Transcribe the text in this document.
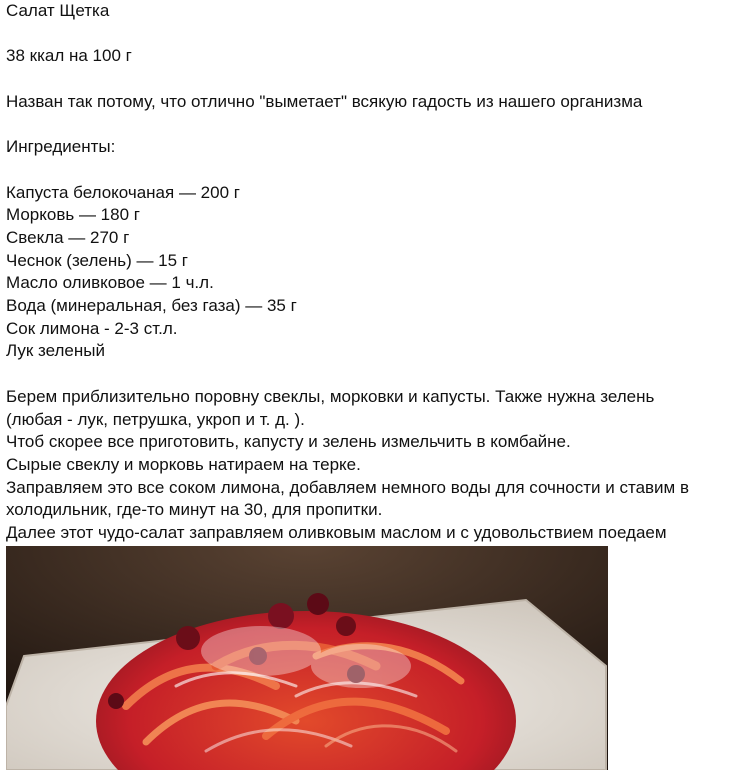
Салат Щетка
38 ккал на 100 г
Назван так потому, что отлично "выметает" всякую гадость из нашего организма
Ингредиенты:
Капуста белокочаная — 200 г
Морковь — 180 г
Свекла — 270 г
Чеснок (зелень) — 15 г
Масло оливковое — 1 ч.л.
Вода (минеральная, без газа) — 35 г
Сок лимона - 2-3 ст.л.
Лук зеленый
Берем приблизительно поровну свеклы, морковки и капусты. Также нужна зелень
(любая - лук, петрушка, укроп и т. д. ).
Чтоб скорее все приготовить, капусту и зелень измельчить в комбайне.
Сырые свеклу и морковь натираем на терке.
Заправляем это все соком лимона, добавляем немного воды для сочности и ставим в
холодильник, где-то минут на 30, для пропитки.
Далее этот чудо-салат заправляем оливковым маслом и с удовольствием поедаем
